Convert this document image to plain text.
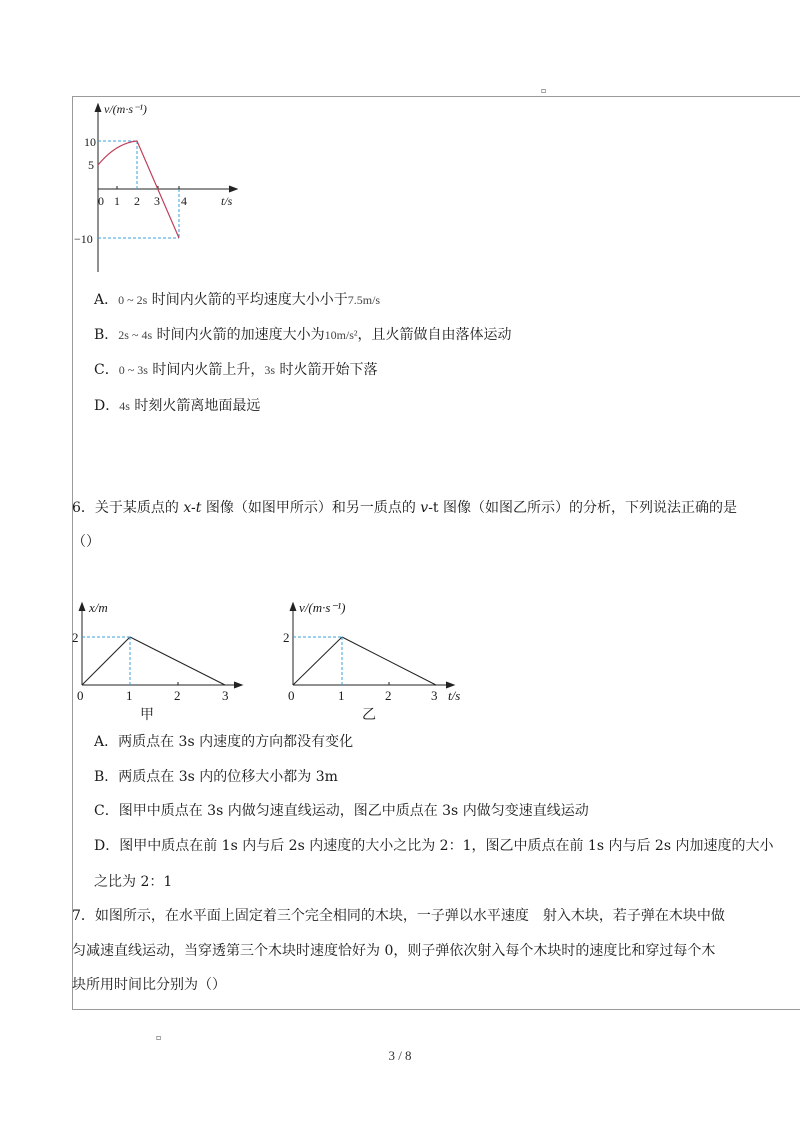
▫
v/(m·s⁻¹)
t/s
10
5
−10
0 1 2 3 4
A．0 ~ 2s 时间内火箭的平均速度大小小于7.5m/s
B．2s ~ 4s 时间内火箭的加速度大小为10m/s²，且火箭做自由落体运动
C．0 ~ 3s 时间内火箭上升，3s 时火箭开始下落
D．4s 时刻火箭离地面最远
6．关于某质点的 x-t 图像（如图甲所示）和另一质点的 v-t 图像（如图乙所示）的分析，下列说法正确的是
（）
x/m
2
0	1	2	3
甲
v/(m·s⁻¹)
2
0	1	2	3 t/s
乙
A．两质点在 3s 内速度的方向都没有变化
B．两质点在 3s 内的位移大小都为 3m
C．图甲中质点在 3s 内做匀速直线运动，图乙中质点在 3s 内做匀变速直线运动
D．图甲中质点在前 1s 内与后 2s 内速度的大小之比为 2：1，图乙中质点在前 1s 内与后 2s 内加速度的大小
之比为 2：1
7．如图所示，在水平面上固定着三个完全相同的木块，一子弹以水平速度　射入木块，若子弹在木块中做
匀减速直线运动，当穿透第三个木块时速度恰好为 0，则子弹依次射入每个木块时的速度比和穿过每个木
块所用时间比分别为（）
▫
3 / 8
